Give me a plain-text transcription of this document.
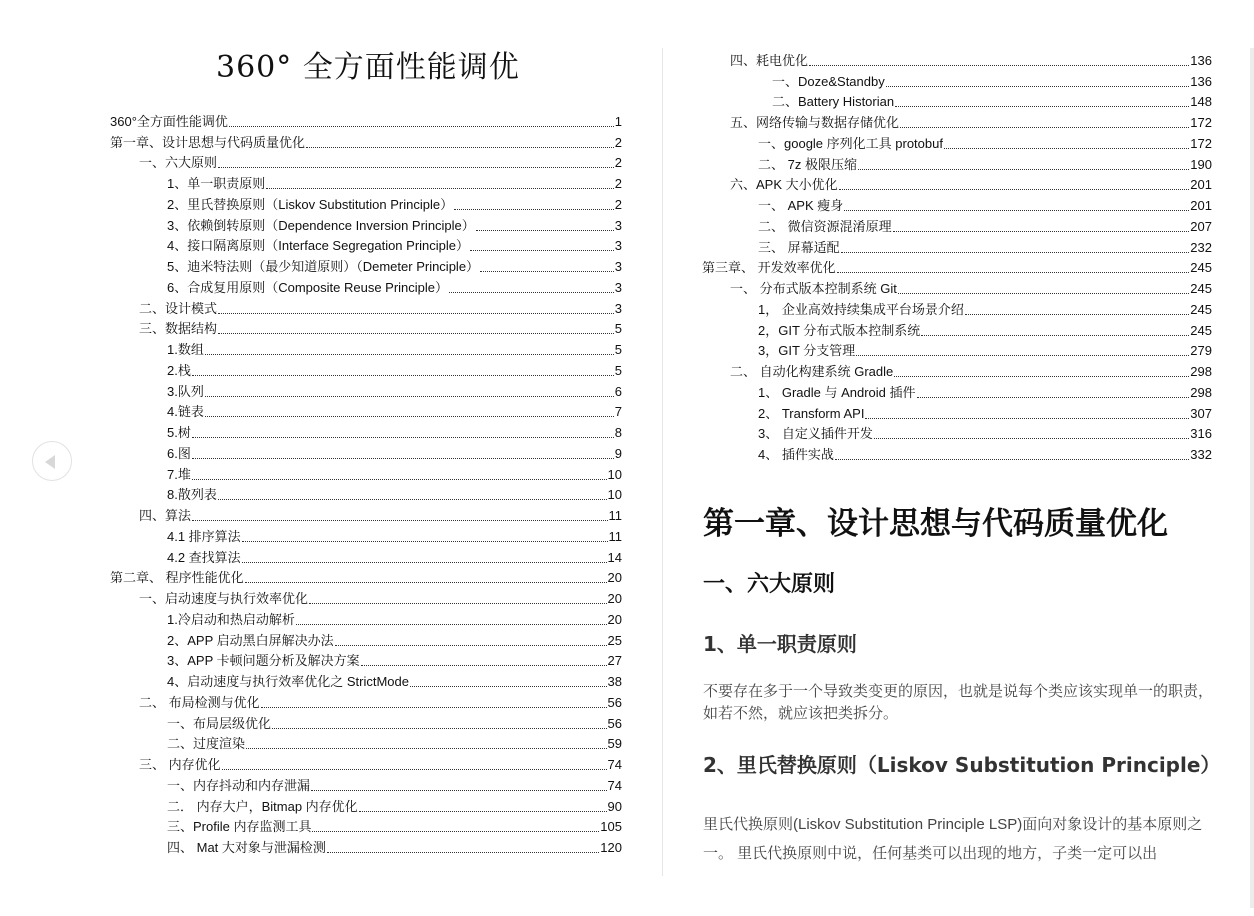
360° 全方面性能调优
360°全方面性能调优	1
第一章、设计思想与代码质量优化	2
一、六大原则	2
1、单一职责原则	2
2、里氏替换原则（Liskov Substitution Principle）	2
3、依赖倒转原则（Dependence Inversion Principle）	3
4、接口隔离原则（Interface Segregation Principle）	3
5、迪米特法则（最少知道原则）（Demeter Principle）	3
6、合成复用原则（Composite Reuse Principle）	3
二、设计模式	3
三、数据结构	5
1.数组	5
2.栈	5
3.队列	6
4.链表	7
5.树	8
6.图	9
7.堆	10
8.散列表	10
四、算法	11
4.1 排序算法	11
4.2 查找算法	14
第二章、 程序性能优化	20
一、启动速度与执行效率优化	20
1.冷启动和热启动解析	20
2、APP 启动黑白屏解决办法	25
3、APP 卡顿问题分析及解决方案	27
4、启动速度与执行效率优化之 StrictMode	38
二、 布局检测与优化	56
一、布局层级优化	56
二、过度渲染	59
三、 内存优化	74
一、内存抖动和内存泄漏	74
二． 内存大户，Bitmap 内存优化	90
三、Profile 内存监测工具	105
四、 Mat 大对象与泄漏检测	120
四、耗电优化	136
一、Doze&Standby	136
二、Battery Historian	148
五、网络传输与数据存储优化	172
一、google 序列化工具 protobuf	172
二、 7z 极限压缩	190
六、APK 大小优化	201
一、 APK 瘦身	201
二、 微信资源混淆原理	207
三、 屏幕适配	232
第三章、 开发效率优化	245
一、 分布式版本控制系统 Git	245
1， 企业高效持续集成平台场景介绍	245
2，GIT 分布式版本控制系统	245
3，GIT 分支管理	279
二、 自动化构建系统 Gradle	298
1、 Gradle 与 Android 插件	298
2、 Transform API	307
3、 自定义插件开发	316
4、 插件实战	332
第一章、设计思想与代码质量优化
一、六大原则
1、单一职责原则

不要存在多于一个导致类变更的原因，也就是说每个类应该实现单一的职责，如若不然，就应该把类拆分。

2、里氏替换原则（Liskov Substitution Principle）

里氏代换原则(Liskov Substitution Principle LSP)面向对象设计的基本原则之一。 里氏代换原则中说，任何基类可以出现的地方，子类一定可以出
